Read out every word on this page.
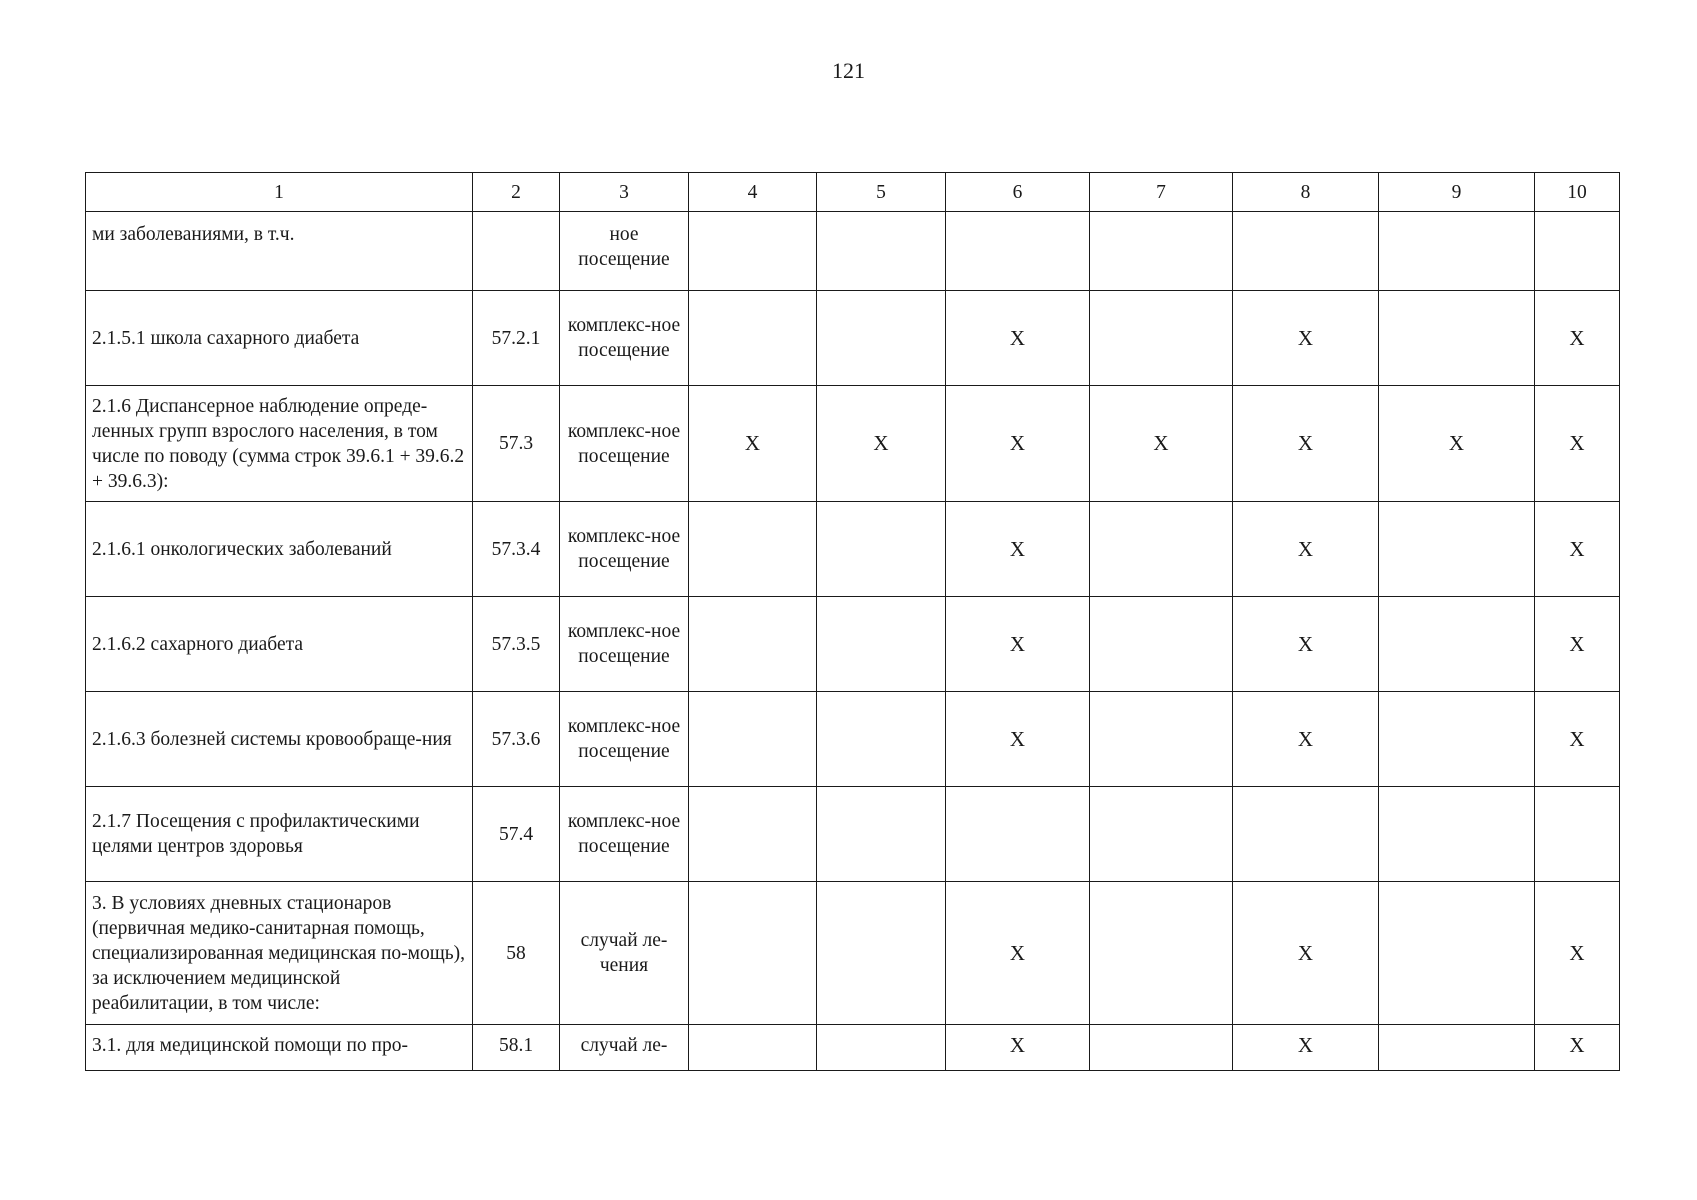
121
1	2	3	4	5	6	7	8	9	10
ми заболеваниями, в т.ч.		ное посещение							
2.1.5.1 школа сахарного диабета	57.2.1	комплекс-ное посещение			X		X		X
2.1.6 Диспансерное наблюдение опреде-ленных групп взрослого населения, в том числе по поводу (сумма строк 39.6.1 + 39.6.2 + 39.6.3):	57.3	комплекс-ное посещение	X	X	X	X	X	X	X
2.1.6.1 онкологических заболеваний	57.3.4	комплекс-ное посещение			X		X		X
2.1.6.2 сахарного диабета	57.3.5	комплекс-ное посещение			X		X		X
2.1.6.3 болезней системы кровообраще-ния	57.3.6	комплекс-ное посещение			X		X		X
2.1.7 Посещения с профилактическими целями центров здоровья	57.4	комплекс-ное посещение							
3. В условиях дневных стационаров (первичная медико-санитарная помощь, специализированная медицинская по-мощь), за исключением медицинской реабилитации, в том числе:	58	случай ле-чения			X		X		X
3.1. для медицинской помощи по про-	58.1	случай ле-			X		X		X
